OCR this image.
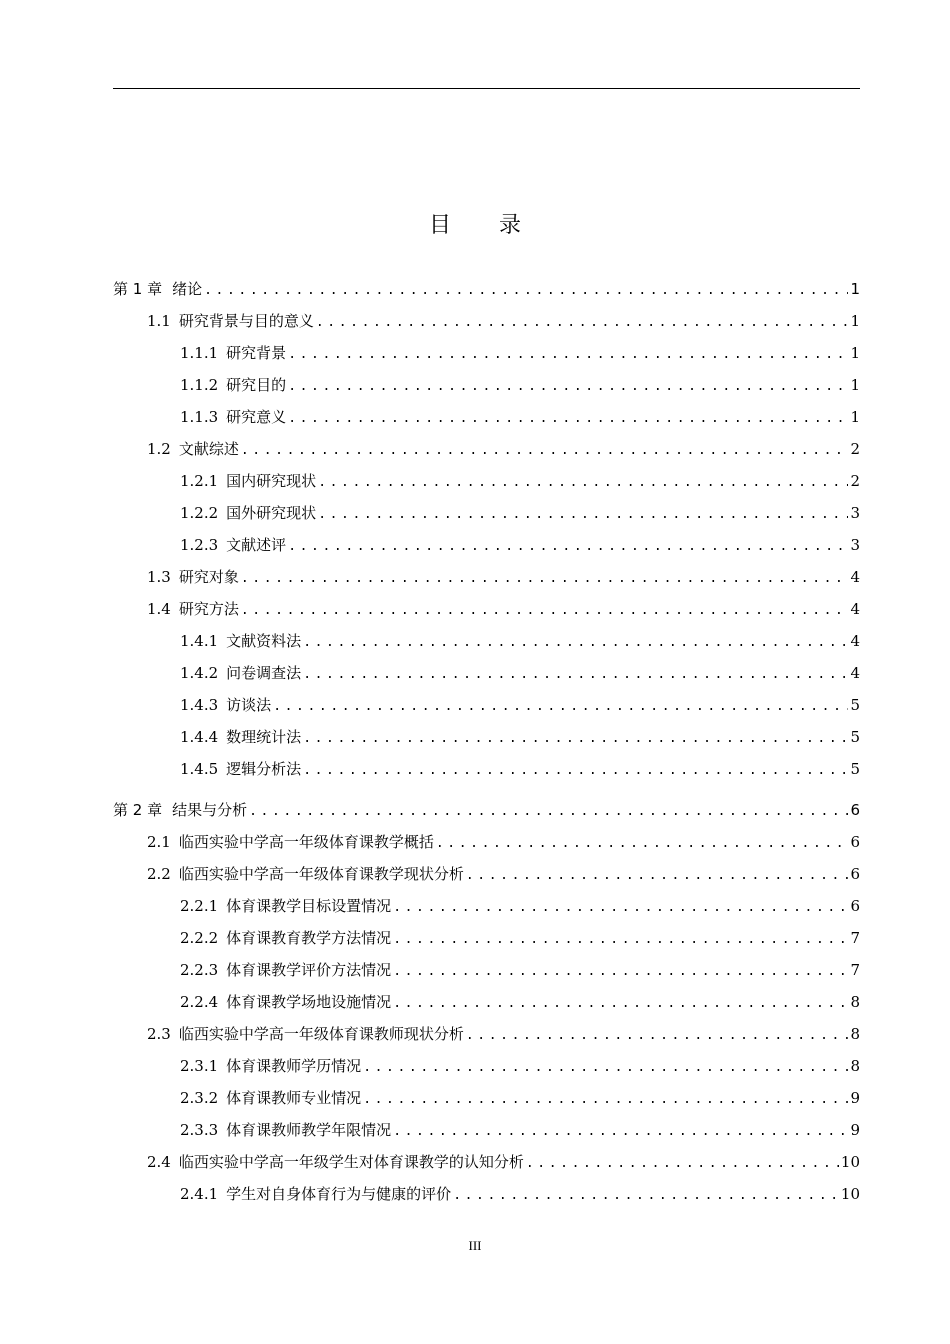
目录
第 1 章 绪论 .....	1
1.1 研究背景与目的意义 .....	1
1.1.1 研究背景 .....	1
1.1.2 研究目的 .....	1
1.1.3 研究意义 .....	1
1.2 文献综述 .....	2
1.2.1 国内研究现状 .....	2
1.2.2 国外研究现状 .....	3
1.2.3 文献述评 .....	3
1.3 研究对象 .....	4
1.4 研究方法 .....	4
1.4.1 文献资料法 .....	4
1.4.2 问卷调查法 .....	4
1.4.3 访谈法 .....	5
1.4.4 数理统计法 .....	5
1.4.5 逻辑分析法 .....	5
第 2 章 结果与分析 .....	6
2.1 临西实验中学高一年级体育课教学概括 .....	6
2.2 临西实验中学高一年级体育课教学现状分析 .....	6
2.2.1 体育课教学目标设置情况 .....	6
2.2.2 体育课教育教学方法情况 .....	7
2.2.3 体育课教学评价方法情况 .....	7
2.2.4 体育课教学场地设施情况 .....	8
2.3 临西实验中学高一年级体育课教师现状分析 .....	8
2.3.1 体育课教师学历情况 .....	8
2.3.2 体育课教师专业情况 .....	9
2.3.3 体育课教师教学年限情况 .....	9
2.4 临西实验中学高一年级学生对体育课教学的认知分析 .....	10
2.4.1 学生对自身体育行为与健康的评价 .....	10
III
